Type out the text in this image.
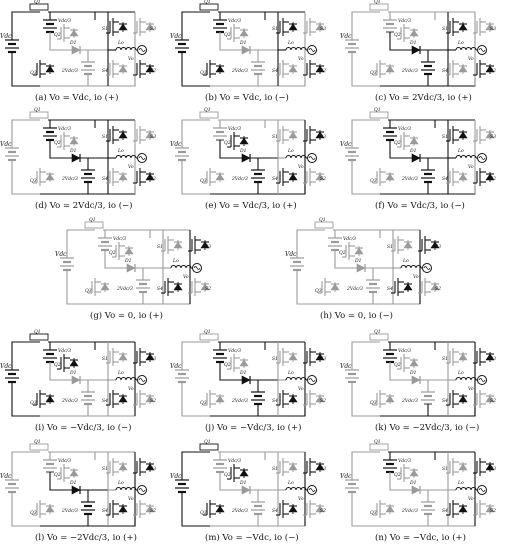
Vdc
Q1
Vdc/3
D1
2Vdc/3
Q2
Q3
S1	S3
S4	S2
Lo
Vo
(a) Vo = Vdc, io (+)
Vdc
Q1
Vdc/3
D1
2Vdc/3
Q2
Q3
S1	S3
S4	S2
Lo
Vo
(b) Vo = Vdc, io (−)
Vdc
Q1
Vdc/3
D1
2Vdc/3
Q2
Q3
S1	S3
S4	S2
Lo
Vo
(c) Vo = 2Vdc/3, io (+)
Vdc
Q1
Vdc/3
D1
2Vdc/3
Q2
Q3
S1	S3
S4	S2
Lo
Vo
(d) Vo = 2Vdc/3, io (−)
Vdc
Q1
Vdc/3
D1
2Vdc/3
Q2
Q3
S1	S3
S4	S2
Lo
Vo
(e) Vo = Vdc/3, io (+)
Vdc
Q1
Vdc/3
D1
2Vdc/3
Q2
Q3
S1	S3
S4	S2
Lo
Vo
(f) Vo = Vdc/3, io (−)
Vdc
Q1
Vdc/3
D1
2Vdc/3
Q2
Q3
S1	S3
S4	S2
Lo
Vo
(g) Vo = 0, io (+)
Vdc
Q1
Vdc/3
D1
2Vdc/3
Q2
Q3
S1	S3
S4	S2
Lo
Vo
(h) Vo = 0, io (−)
Vdc
Q1
Vdc/3
D1
2Vdc/3
Q2
Q3
S1	S3
S4	S2
Lo
Vo
(i) Vo = −Vdc/3, io (−)
Vdc
Q1
Vdc/3
D1
2Vdc/3
Q2
Q3
S1	S3
S4	S2
Lo
Vo
(j) Vo = −Vdc/3, io (+)
Vdc
Q1
Vdc/3
D1
2Vdc/3
Q2
Q3
S1	S3
S4	S2
Lo
Vo
(k) Vo = −2Vdc/3, io (−)
Vdc
Q1
Vdc/3
D1
2Vdc/3
Q2
Q3
S1	S3
S4	S2
Lo
Vo
(l) Vo = −2Vdc/3, io (+)
Vdc
Q1
Vdc/3
D1
2Vdc/3
Q2
Q3
S1	S3
S4	S2
Lo
Vo
(m) Vo = −Vdc, io (−)
Vdc
Q1
Vdc/3
D1
2Vdc/3
Q2
Q3
S1	S3
S4	S2
Lo
Vo
(n) Vo = −Vdc, io (+)
